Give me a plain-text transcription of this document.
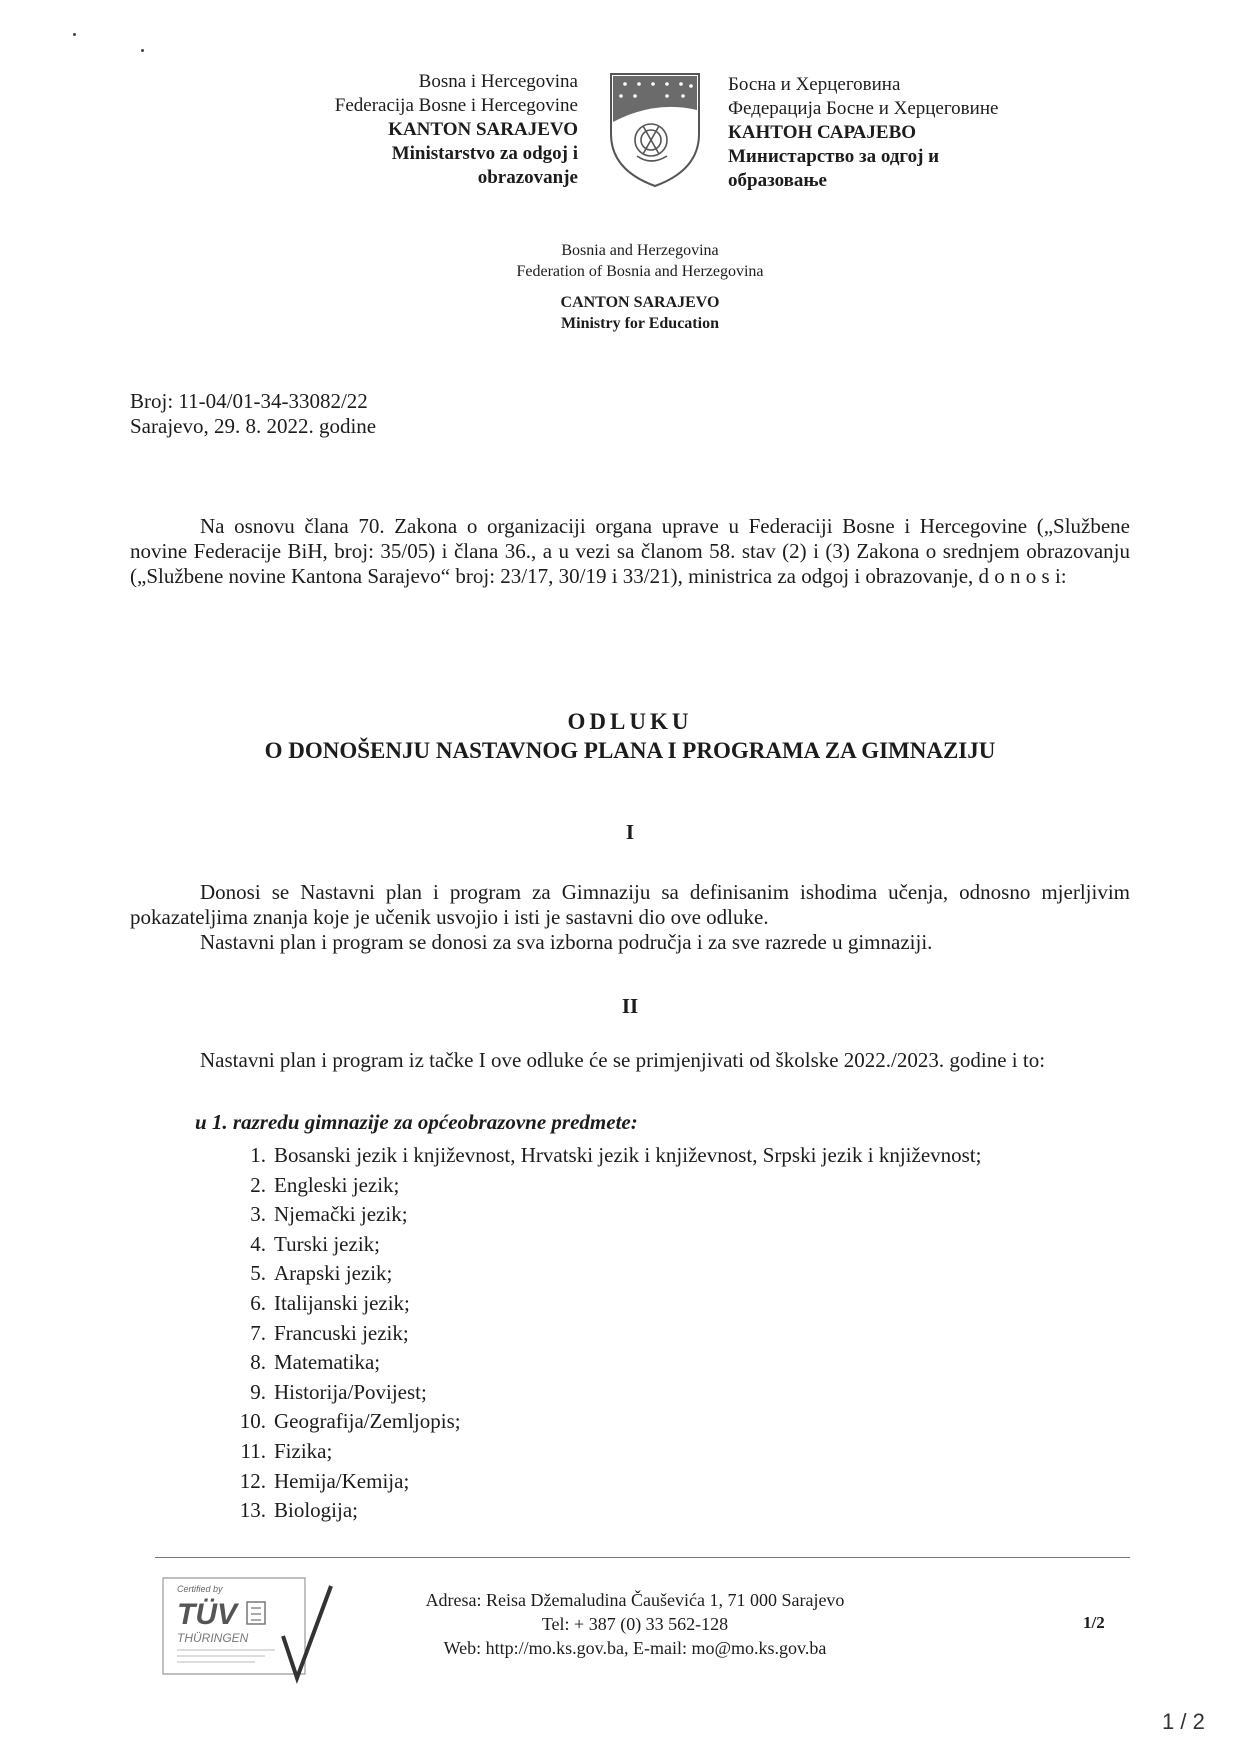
Bosna i Hercegovina
Federacija Bosne i Hercegovine
KANTON SARAJEVO
Ministarstvo za odgoj i
obrazovanje
Босна и Херцеговина
Федерација Босне и Херцеговине
КАНТОН САРАЈЕВО
Министарство за одгој и
образовање
Bosnia and Herzegovina
Federation of Bosnia and Herzegovina
CANTON SARAJEVO
Ministry for Education
Broj: 11-04/01-34-33082/22
Sarajevo, 29. 8. 2022. godine
Na osnovu člana 70. Zakona o organizaciji organa uprave u Federaciji Bosne i Hercegovine („Službene novine Federacije BiH, broj: 35/05) i člana 36., a u vezi sa članom 58. stav (2) i (3) Zakona o srednjem obrazovanju („Službene novine Kantona Sarajevo“ broj: 23/17, 30/19 i 33/21), ministrica za odgoj i obrazovanje, d o n o s i:
ODLUKU
O DONOŠENJU NASTAVNOG PLANA I PROGRAMA ZA GIMNAZIJU
I
Donosi se Nastavni plan i program za Gimnaziju sa definisanim ishodima učenja, odnosno mjerljivim pokazateljima znanja koje je učenik usvojio i isti je sastavni dio ove odluke.
Nastavni plan i program se donosi za sva izborna područja i za sve razrede u gimnaziji.
II
Nastavni plan i program iz tačke I ove odluke će se primjenjivati od školske 2022./2023. godine i to:
u 1. razredu gimnazije za općeobrazovne predmete:
1. Bosanski jezik i književnost, Hrvatski jezik i književnost, Srpski jezik i književnost;
2. Engleski jezik;
3. Njemački jezik;
4. Turski jezik;
5. Arapski jezik;
6. Italijanski jezik;
7. Francuski jezik;
8. Matematika;
9. Historija/Povijest;
10. Geografija/Zemljopis;
11. Fizika;
12. Hemija/Kemija;
13. Biologija;
Certified by
TÜV
THÜRINGEN
Adresa: Reisa Džemaludina Čauševića 1, 71 000 Sarajevo
Tel: + 387 (0) 33 562-128
Web: http://mo.ks.gov.ba, E-mail: mo@mo.ks.gov.ba
1/2
1 / 2
